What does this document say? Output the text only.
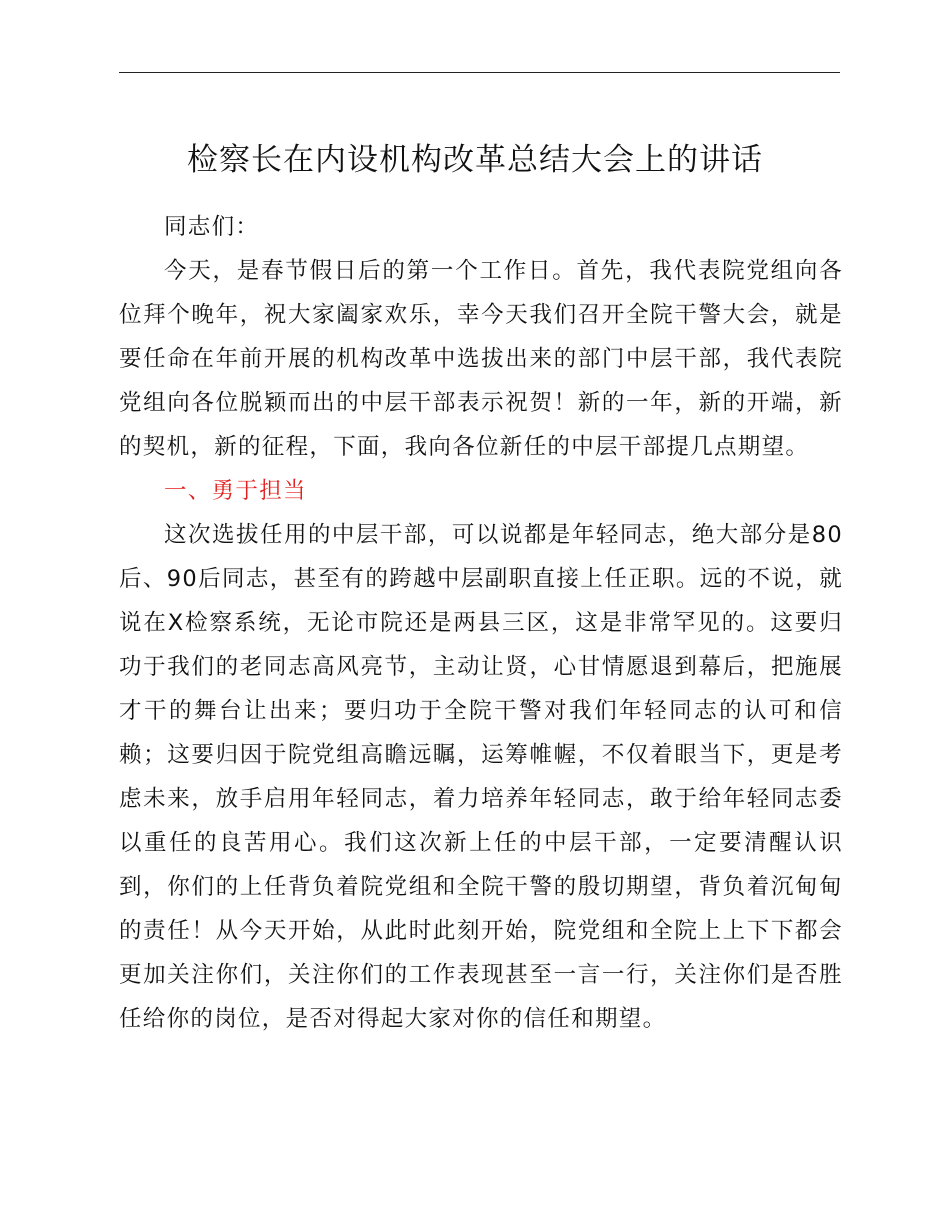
检察长在内设机构改革总结大会上的讲话

同志们：

今天，是春节假日后的第一个工作日。首先，我代表院党组向各位拜个晚年，祝大家阖家欢乐，幸今天我们召开全院干警大会，就是要任命在年前开展的机构改革中选拔出来的部门中层干部，我代表院党组向各位脱颖而出的中层干部表示祝贺！新的一年，新的开端，新的契机，新的征程，下面，我向各位新任的中层干部提几点期望。

一、勇于担当

这次选拔任用的中层干部，可以说都是年轻同志，绝大部分是80后、90后同志，甚至有的跨越中层副职直接上任正职。远的不说，就说在X检察系统，无论市院还是两县三区，这是非常罕见的。这要归功于我们的老同志高风亮节，主动让贤，心甘情愿退到幕后，把施展才干的舞台让出来；要归功于全院干警对我们年轻同志的认可和信赖；这要归因于院党组高瞻远瞩，运筹帷幄，不仅着眼当下，更是考虑未来，放手启用年轻同志，着力培养年轻同志，敢于给年轻同志委以重任的良苦用心。我们这次新上任的中层干部，一定要清醒认识到，你们的上任背负着院党组和全院干警的殷切期望，背负着沉甸甸的责任！从今天开始，从此时此刻开始，院党组和全院上上下下都会更加关注你们，关注你们的工作表现甚至一言一行，关注你们是否胜任给你的岗位，是否对得起大家对你的信任和期望。
